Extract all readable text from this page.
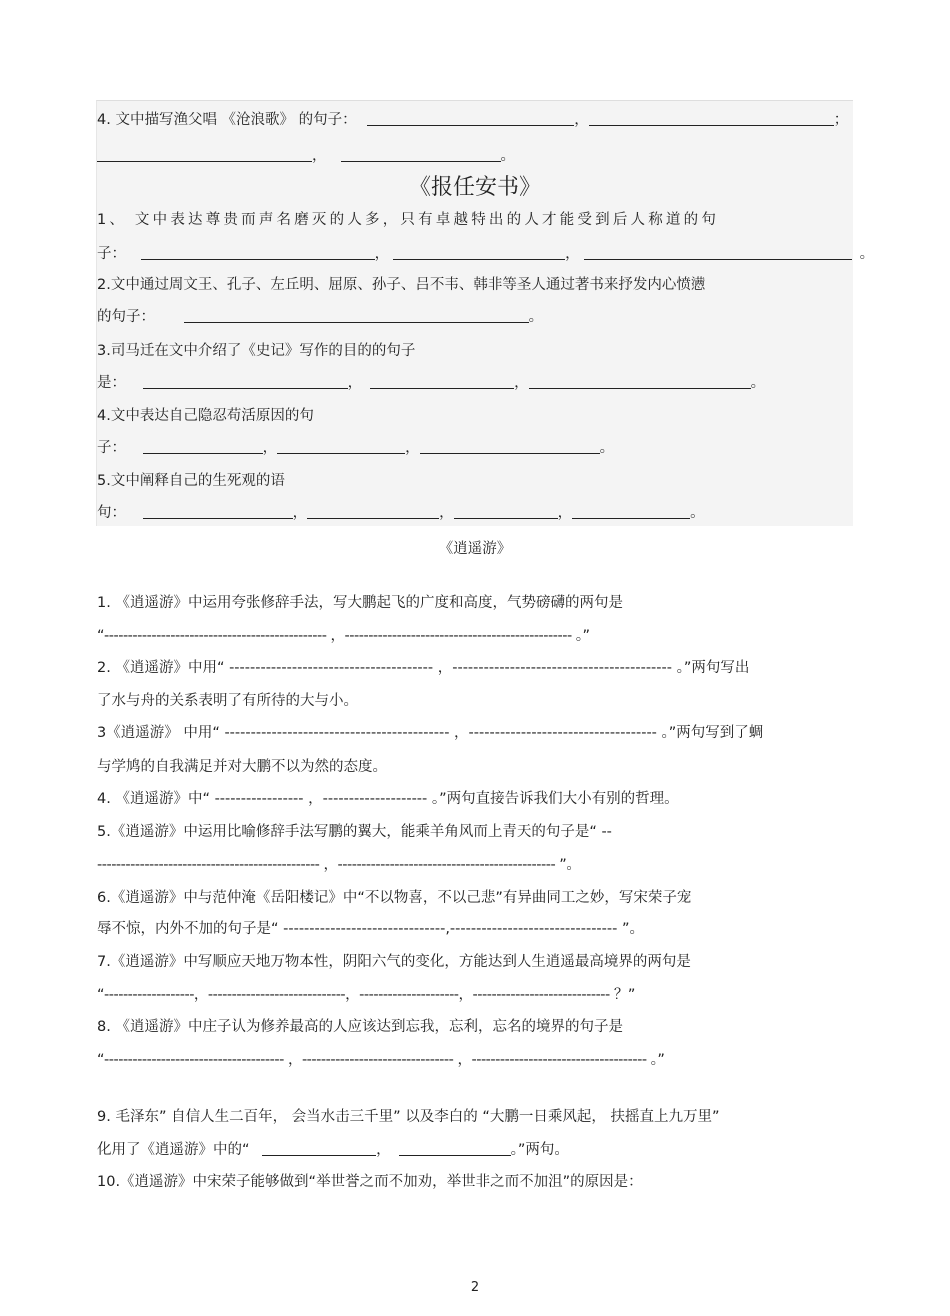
4. 文中描写渔父唱 《沧浪歌》 的句子：	，	；
，	。
《报任安书》
1、 文中表达尊贵而声名磨灭的人多，只有卓越特出的人才能受到后人称道的句
子：	，	，	。
2.文中通过周文王、孔子、左丘明、屈原、孙子、吕不韦、韩非等圣人通过著书来抒发内心愤懑
的句子：	。
3.司马迁在文中介绍了《史记》写作的目的的句子
是：	，	，	。
4.文中表达自己隐忍苟活原因的句
子：	，	，	。
5.文中阐释自己的生死观的语
句：	，	，	，	。
《逍遥游》
1. 《逍遥游》中运用夸张修辞手法，写大鹏起飞的广度和高度，气势磅礴的两句是
“----------------------------------------------- ，------------------------------------------------ 。”
2. 《逍遥游》中用“ --------------------------------------- ，------------------------------------------ 。”两句写出
了水与舟的关系表明了有所待的大与小。
3《逍遥游》 中用“ ------------------------------------------- ，------------------------------------ 。”两句写到了蜩
与学鸠的自我满足并对大鹏不以为然的态度。
4. 《逍遥游》中“ ----------------- ，-------------------- 。”两句直接告诉我们大小有别的哲理。
5.《逍遥游》中运用比喻修辞手法写鹏的翼大，能乘羊角风而上青天的句子是“ --
----------------------------------------------- ，---------------------------------------------- ”。
6.《逍遥游》中与范仲淹《岳阳楼记》中“不以物喜，不以己悲”有异曲同工之妙，写宋荣子宠
辱不惊，内外不加的句子是“ -------------------------------,-------------------------------- ”。
7.《逍遥游》中写顺应天地万物本性，阴阳六气的变化，方能达到人生逍遥最高境界的两句是
“-------------------，-----------------------------，---------------------，----------------------------- ？”
8. 《逍遥游》中庄子认为修养最高的人应该达到忘我，忘利，忘名的境界的句子是
“-------------------------------------- ，-------------------------------- ，------------------------------------- 。”
9. 毛泽东” 自信人生二百年， 会当水击三千里” 以及李白的 “大鹏一日乘风起， 扶摇直上九万里”
化用了《逍遥游》中的“	，	。”两句。
10.《逍遥游》中宋荣子能够做到“举世誉之而不加劝，举世非之而不加沮”的原因是：
2
